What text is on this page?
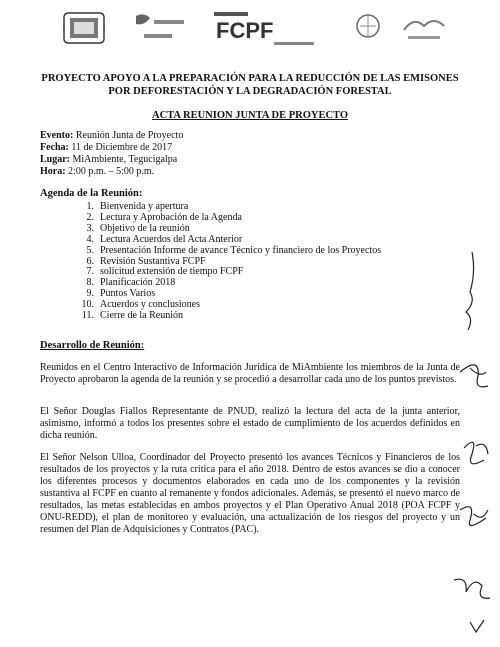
FCPF
PROYECTO APOYO A LA PREPARACIÓN PARA LA REDUCCIÓN DE LAS EMISONES
POR DEFORESTACIÓN Y LA DEGRADACIÓN FORESTAL
ACTA REUNION JUNTA DE PROYECTO
Evento: Reunión Junta de Proyecto
Fecha: 11 de Diciembre de 2017
Lugar: MiAmbiente, Tegucigalpa
Hora: 2:00 p.m. – 5:00 p.m.
Agenda de la Reunión:
1. Bienvenida y apertura
2. Lectura y Aprobación de la Agenda
3. Objetivo de la reunión
4. Lectura Acuerdos del Acta Anterior
5. Presentación Informe de avance Técnico y financiero de los Proyectos
6. Revisión Sustantiva FCPF
7. solicitud extensión de tiempo FCPF
8. Planificación 2018
9. Puntos Varios
10. Acuerdos y conclusiones
11. Cierre de la Reunión
Desarrollo de Reunión:

Reunidos en el Centro Interactivo de Información Jurídica de MiAmbiente los miembros de la Junta de Proyecto aprobaron la agenda de la reunión y se procedió a desarrollar cada uno de los puntos previstos.

El Señor Douglas Fiallos Representante de PNUD, realizó la lectura del acta de la junta anterior, asimismo, informó a todos los presentes sobre el estado de cumplimiento de los acuerdos definidos en dicha reunión.

El Señor Nelson Ulloa, Coordinador del Proyecto presentó los avances Técnicos y Financieros de los resultados de los proyectos y la ruta crítica para el año 2018. Dentro de estos avances se dio a conocer los diferentes procesos y documentos elaborados en cada uno de los componentes y la revisión sustantiva al FCPF en cuanto al remanente y fondos adicionales. Además, se presentó el nuevo marco de resultados, las metas establecidas en ambos proyectos y el Plan Operativo Anual 2018 (POA FCPF y ONU-REDD), el plan de monitoreo y evaluación, una actualización de los riesgos del proyecto y un resumen del Plan de Adquisiciones y Contratos (PAC).
